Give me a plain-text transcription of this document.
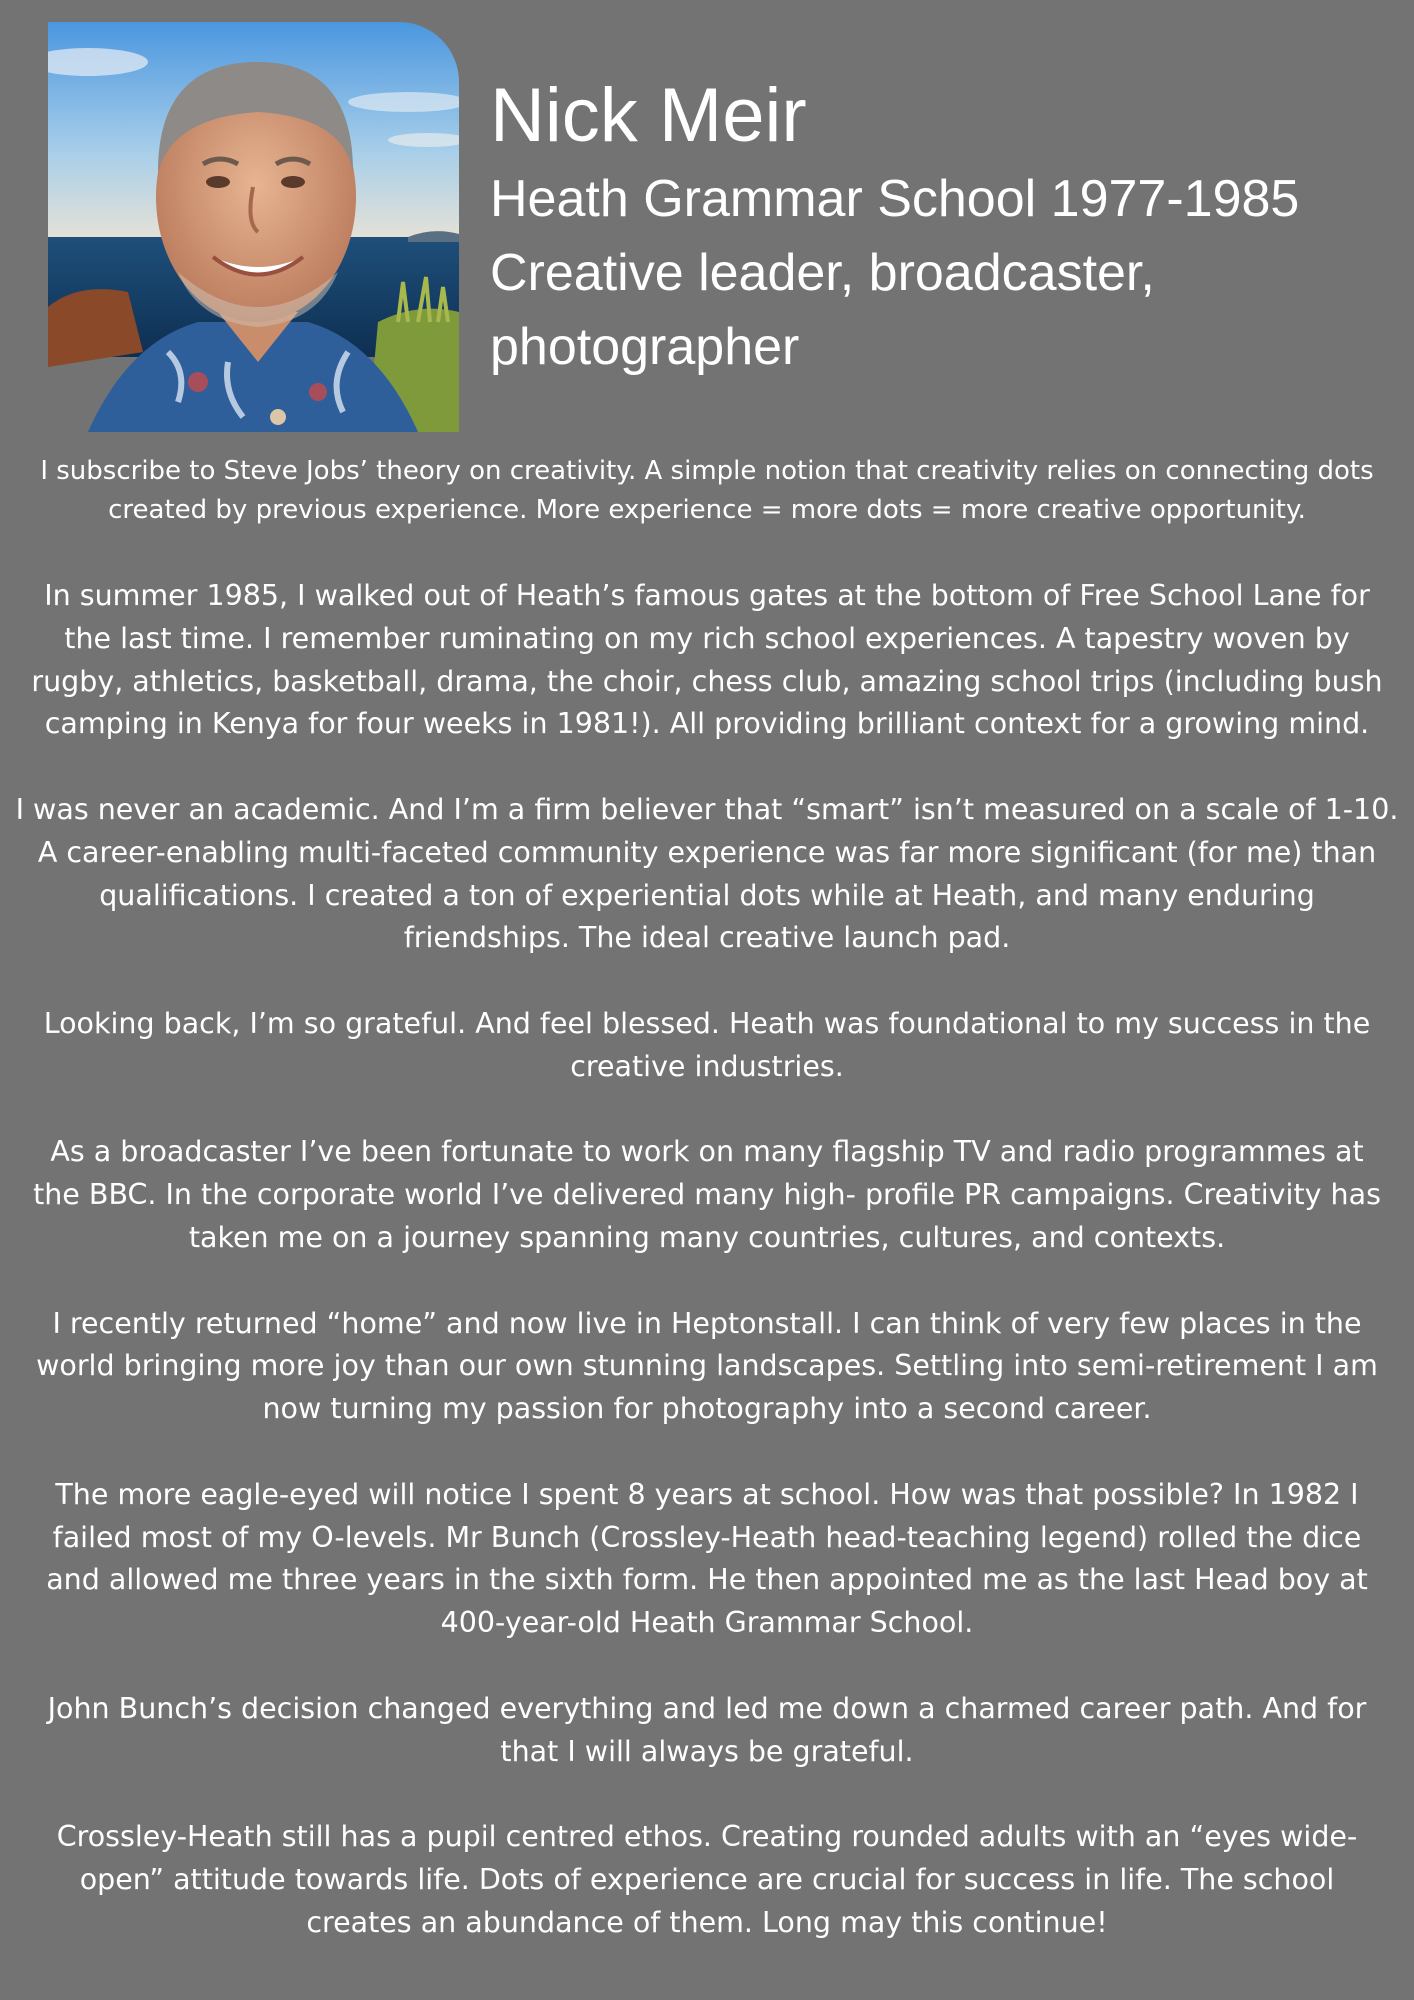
Nick Meir

Heath Grammar School 1977-1985

Creative leader, broadcaster,

photographer

I subscribe to Steve Jobs’ theory on creativity. A simple notion that creativity relies on connecting dots
created by previous experience. More experience = more dots = more creative opportunity.

In summer 1985, I walked out of Heath’s famous gates at the bottom of Free School Lane for
the last time. I remember ruminating on my rich school experiences. A tapestry woven by
rugby, athletics, basketball, drama, the choir, chess club, amazing school trips (including bush
camping in Kenya for four weeks in 1981!). All providing brilliant context for a growing mind.

I was never an academic. And I’m a firm believer that “smart” isn’t measured on a scale of 1-10.
A career-enabling multi-faceted community experience was far more significant (for me) than
qualifications. I created a ton of experiential dots while at Heath, and many enduring
friendships. The ideal creative launch pad.

Looking back, I’m so grateful. And feel blessed. Heath was foundational to my success in the
creative industries.

As a broadcaster I’ve been fortunate to work on many flagship TV and radio programmes at
the BBC. In the corporate world I’ve delivered many high- profile PR campaigns. Creativity has
taken me on a journey spanning many countries, cultures, and contexts.

I recently returned “home” and now live in Heptonstall. I can think of very few places in the
world bringing more joy than our own stunning landscapes. Settling into semi-retirement I am
now turning my passion for photography into a second career.

The more eagle-eyed will notice I spent 8 years at school. How was that possible? In 1982 I
failed most of my O-levels. Mr Bunch (Crossley-Heath head-teaching legend) rolled the dice
and allowed me three years in the sixth form. He then appointed me as the last Head boy at
400-year-old Heath Grammar School.

John Bunch’s decision changed everything and led me down a charmed career path. And for
that I will always be grateful.

Crossley-Heath still has a pupil centred ethos. Creating rounded adults with an “eyes wide-
open” attitude towards life. Dots of experience are crucial for success in life. The school
creates an abundance of them. Long may this continue!
